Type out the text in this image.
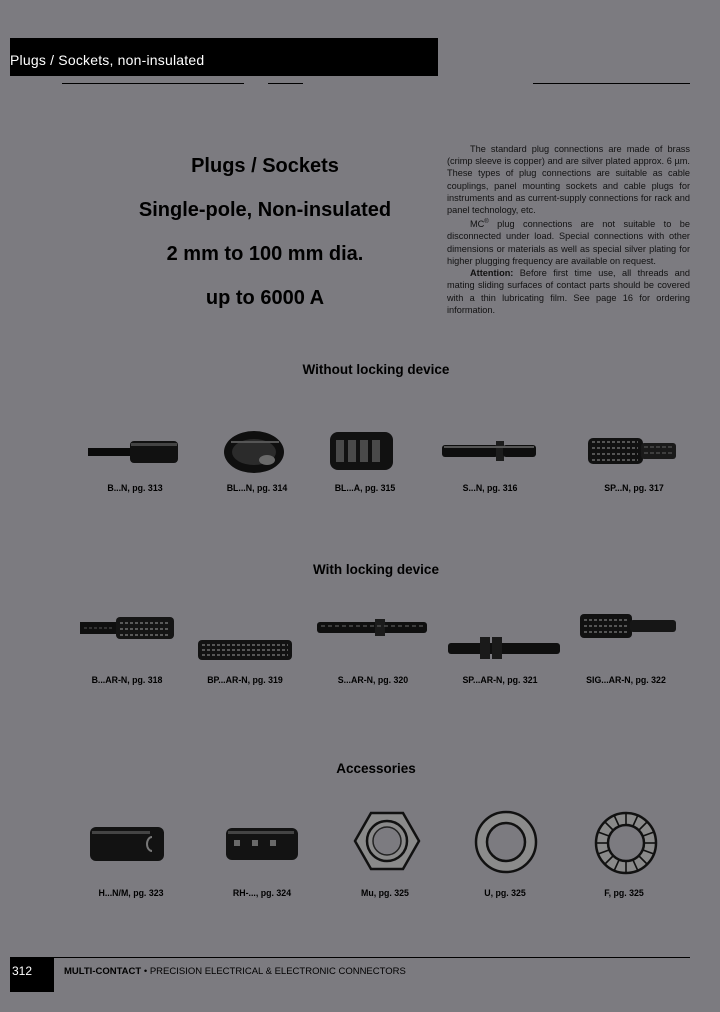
Plugs / Sockets, non-insulated
Plugs / Sockets
Single-pole, Non-insulated
2 mm to 100 mm dia.
up to 6000 A

The standard plug connections are made of brass (crimp sleeve is copper) and are silver plated approx. 6 µm. These types of plug connections are suitable as cable couplings, panel mounting sockets and cable plugs for instruments and as current-supply connections for rack and panel technology, etc.

MC® plug connections are not suitable to be disconnected under load. Special connections with other dimensions or materials as well as special silver plating for higher plugging frequency are available on request.

Attention: Before first time use, all threads and mating sliding surfaces of contact parts should be covered with a thin lubricating film. See page 16 for ordering information.

Without locking device
B...N, pg. 313	BL...N, pg. 314	BL...A, pg. 315	S...N, pg. 316	SP...N, pg. 317
With locking device
B...AR-N, pg. 318	BP...AR-N, pg. 319	S...AR-N, pg. 320	SP...AR-N, pg. 321	SIG...AR-N, pg. 322
Accessories
H...N/M, pg. 323	RH-..., pg. 324	Mu, pg. 325	U, pg. 325	F, pg. 325
312	MULTI-CONTACT • PRECISION ELECTRICAL & ELECTRONIC CONNECTORS
